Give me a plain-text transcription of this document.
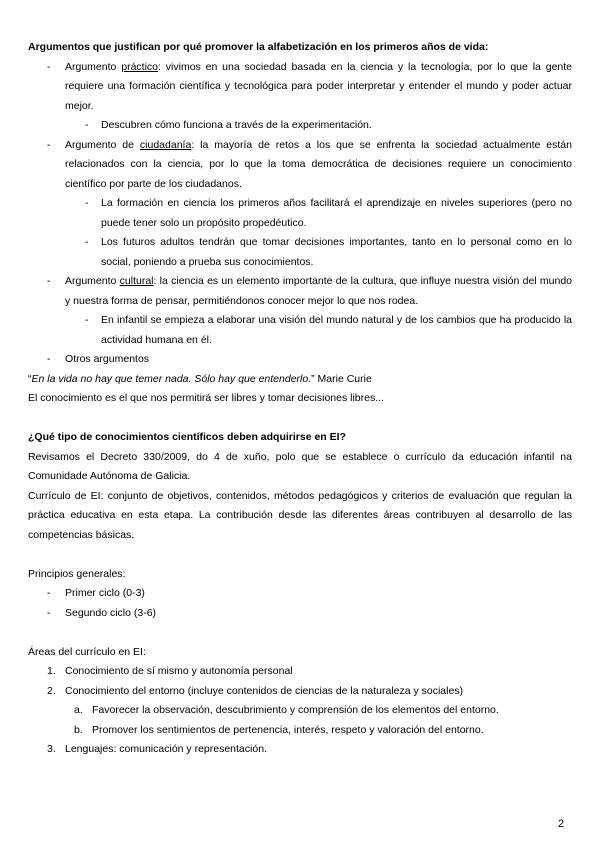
Argumentos que justifican por qué promover la alfabetización en los primeros años de vida:
-	Argumento práctico: vivimos en una sociedad basada en la ciencia y la tecnología, por lo que la gente requiere una formación científica y tecnológica para poder interpretar y entender el mundo y poder actuar mejor.
-	Descubren cómo funciona a través de la experimentación.
-	Argumento de ciudadanía: la mayoría de retos a los que se enfrenta la sociedad actualmente están relacionados con la ciencia, por lo que la toma democrática de decisiones requiere un conocimiento científico por parte de los ciudadanos.
-	La formación en ciencia los primeros años facilitará el aprendizaje en niveles superiores (pero no puede tener solo un propósito propedéutico.
-	Los futuros adultos tendrán que tomar decisiones importantes, tanto en lo personal como en lo social, poniendo a prueba sus conocimientos.
-	Argumento cultural: la ciencia es un elemento importante de la cultura, que influye nuestra visión del mundo y nuestra forma de pensar, permitiéndonos conocer mejor lo que nos rodea.
-	En infantil se empieza a elaborar una visión del mundo natural y de los cambios que ha producido la actividad humana en él.
-	Otros argumentos
“En la vida no hay que temer nada. Sólo hay que entenderlo.” Marie Curie
El conocimiento es el que nos permitirá ser libres y tomar decisiones libres...
¿Qué tipo de conocimientos científicos deben adquirirse en EI?
Revisamos el Decreto 330/2009, do 4 de xuño, polo que se establece o currículo da educación infantil na Comunidade Autónoma de Galicia.
Currículo de EI: conjunto de objetivos, contenidos, métodos pedagógicos y criterios de evaluación que regulan la práctica educativa en esta etapa. La contribución desde las diferentes áreas contribuyen al desarrollo de las competencias básicas.
Principios generales:
-	Primer ciclo (0-3)
-	Segundo ciclo (3-6)
Áreas del currículo en EI:
1. Conocimiento de sí mismo y autonomía personal
2. Conocimiento del entorno (incluye contenidos de ciencias de la naturaleza y sociales)
a. Favorecer la observación, descubrimiento y comprensión de los elementos del entorno.
b. Promover los sentimientos de pertenencia, interés, respeto y valoración del entorno.
3. Lenguajes: comunicación y representación.
2
